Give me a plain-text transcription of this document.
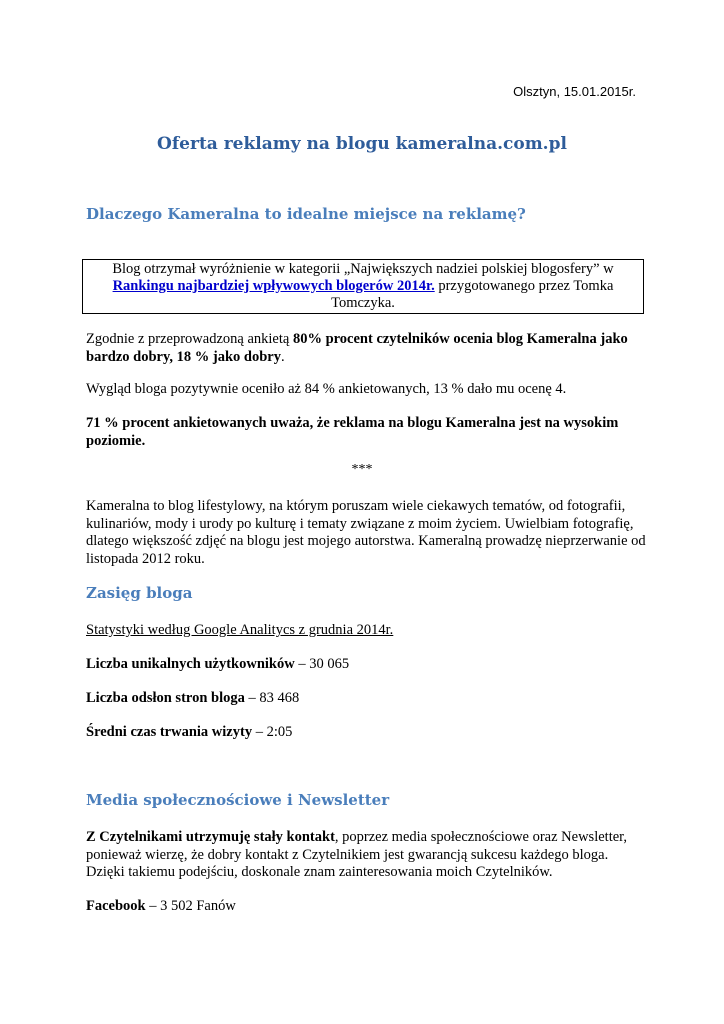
Olsztyn, 15.01.2015r.
Oferta reklamy na blogu kameralna.com.pl
Dlaczego Kameralna to idealne miejsce na reklamę?
Blog otrzymał wyróżnienie w kategorii „Największych nadziei polskiej blogosfery” w
Rankingu najbardziej wpływowych blogerów 2014r. przygotowanego przez Tomka Tomczyka.
Zgodnie z przeprowadzoną ankietą 80% procent czytelników ocenia blog Kameralna jako bardzo dobry, 18 % jako dobry.
Wygląd bloga pozytywnie oceniło aż 84 % ankietowanych, 13 % dało mu ocenę 4.
71 % procent ankietowanych uważa, że reklama na blogu Kameralna jest na wysokim poziomie.
***
Kameralna to blog lifestylowy, na którym poruszam wiele ciekawych tematów, od fotografii, kulinariów, mody i urody po kulturę i tematy związane z moim życiem. Uwielbiam fotografię, dlatego większość zdjęć na blogu jest mojego autorstwa. Kameralną prowadzę nieprzerwanie od listopada 2012 roku.
Zasięg bloga
Statystyki według Google Analitycs z grudnia 2014r.
Liczba unikalnych użytkowników – 30 065
Liczba odsłon stron bloga – 83 468
Średni czas trwania wizyty – 2:05
Media społecznościowe i Newsletter
Z Czytelnikami utrzymuję stały kontakt, poprzez media społecznościowe oraz Newsletter, ponieważ wierzę, że dobry kontakt z Czytelnikiem jest gwarancją sukcesu każdego bloga. Dzięki takiemu podejściu, doskonale znam zainteresowania moich Czytelników.
Facebook – 3 502 Fanów
